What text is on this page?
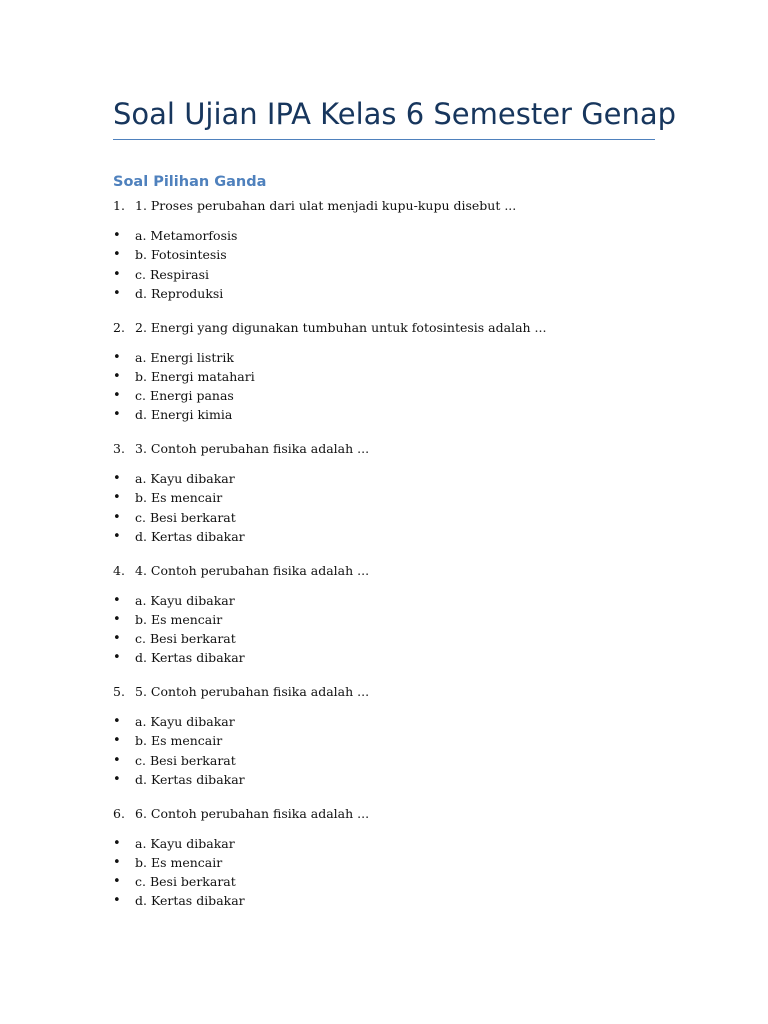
Soal Ujian IPA Kelas 6 Semester Genap
Soal Pilihan Ganda
1. 1. Proses perubahan dari ulat menjadi kupu-kupu disebut ...
•	a. Metamorfosis
•	b. Fotosintesis
•	c. Respirasi
•	d. Reproduksi
2. 2. Energi yang digunakan tumbuhan untuk fotosintesis adalah ...
•	a. Energi listrik
•	b. Energi matahari
•	c. Energi panas
•	d. Energi kimia
3. 3. Contoh perubahan fisika adalah ...
•	a. Kayu dibakar
•	b. Es mencair
•	c. Besi berkarat
•	d. Kertas dibakar
4. 4. Contoh perubahan fisika adalah ...
•	a. Kayu dibakar
•	b. Es mencair
•	c. Besi berkarat
•	d. Kertas dibakar
5. 5. Contoh perubahan fisika adalah ...
•	a. Kayu dibakar
•	b. Es mencair
•	c. Besi berkarat
•	d. Kertas dibakar
6. 6. Contoh perubahan fisika adalah ...
•	a. Kayu dibakar
•	b. Es mencair
•	c. Besi berkarat
•	d. Kertas dibakar
